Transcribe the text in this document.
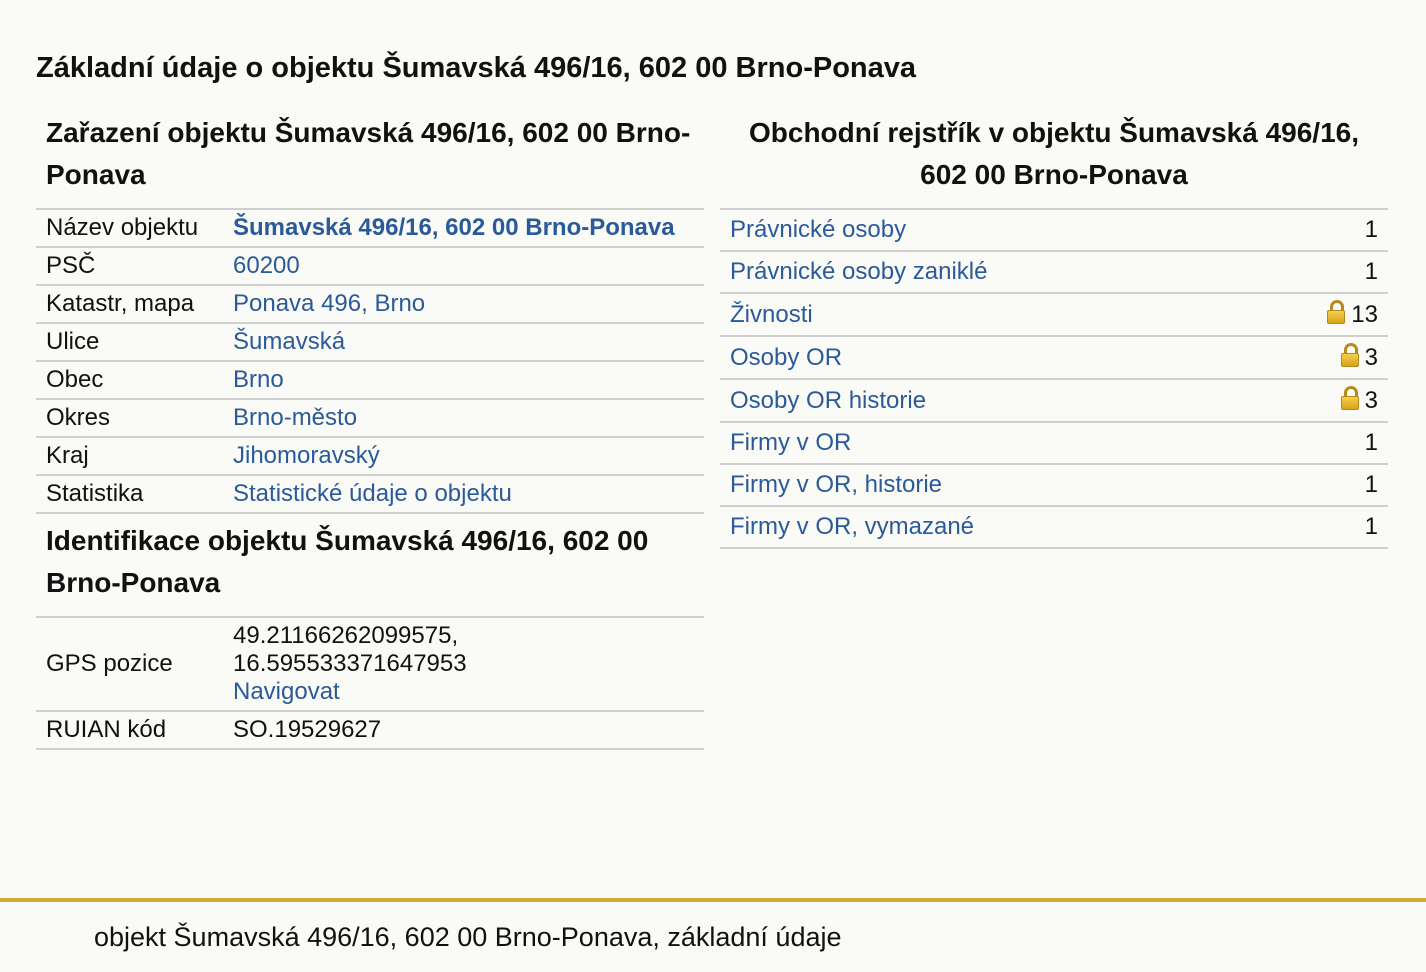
Základní údaje o objektu Šumavská 496/16, 602 00 Brno-Ponava
Zařazení objektu Šumavská 496/16, 602 00 Brno-Ponava
Název objektu	Šumavská 496/16, 602 00 Brno-Ponava
PSČ	60200
Katastr, mapa	Ponava 496, Brno
Ulice	Šumavská
Obec	Brno
Okres	Brno-město
Kraj	Jihomoravský
Statistika	Statistické údaje o objektu
Identifikace objektu Šumavská 496/16, 602 00 Brno-Ponava
GPS pozice	49.21166262099575,
16.595533371647953
Navigovat
RUIAN kód	SO.19529627
Obchodní rejstřík v objektu Šumavská 496/16, 602 00 Brno-Ponava
Právnické osoby	1
Právnické osoby zaniklé	1
Živnosti	13
Osoby OR	3
Osoby OR historie	3
Firmy v OR	1
Firmy v OR, historie	1
Firmy v OR, vymazané	1
objekt Šumavská 496/16, 602 00 Brno-Ponava, základní údaje
